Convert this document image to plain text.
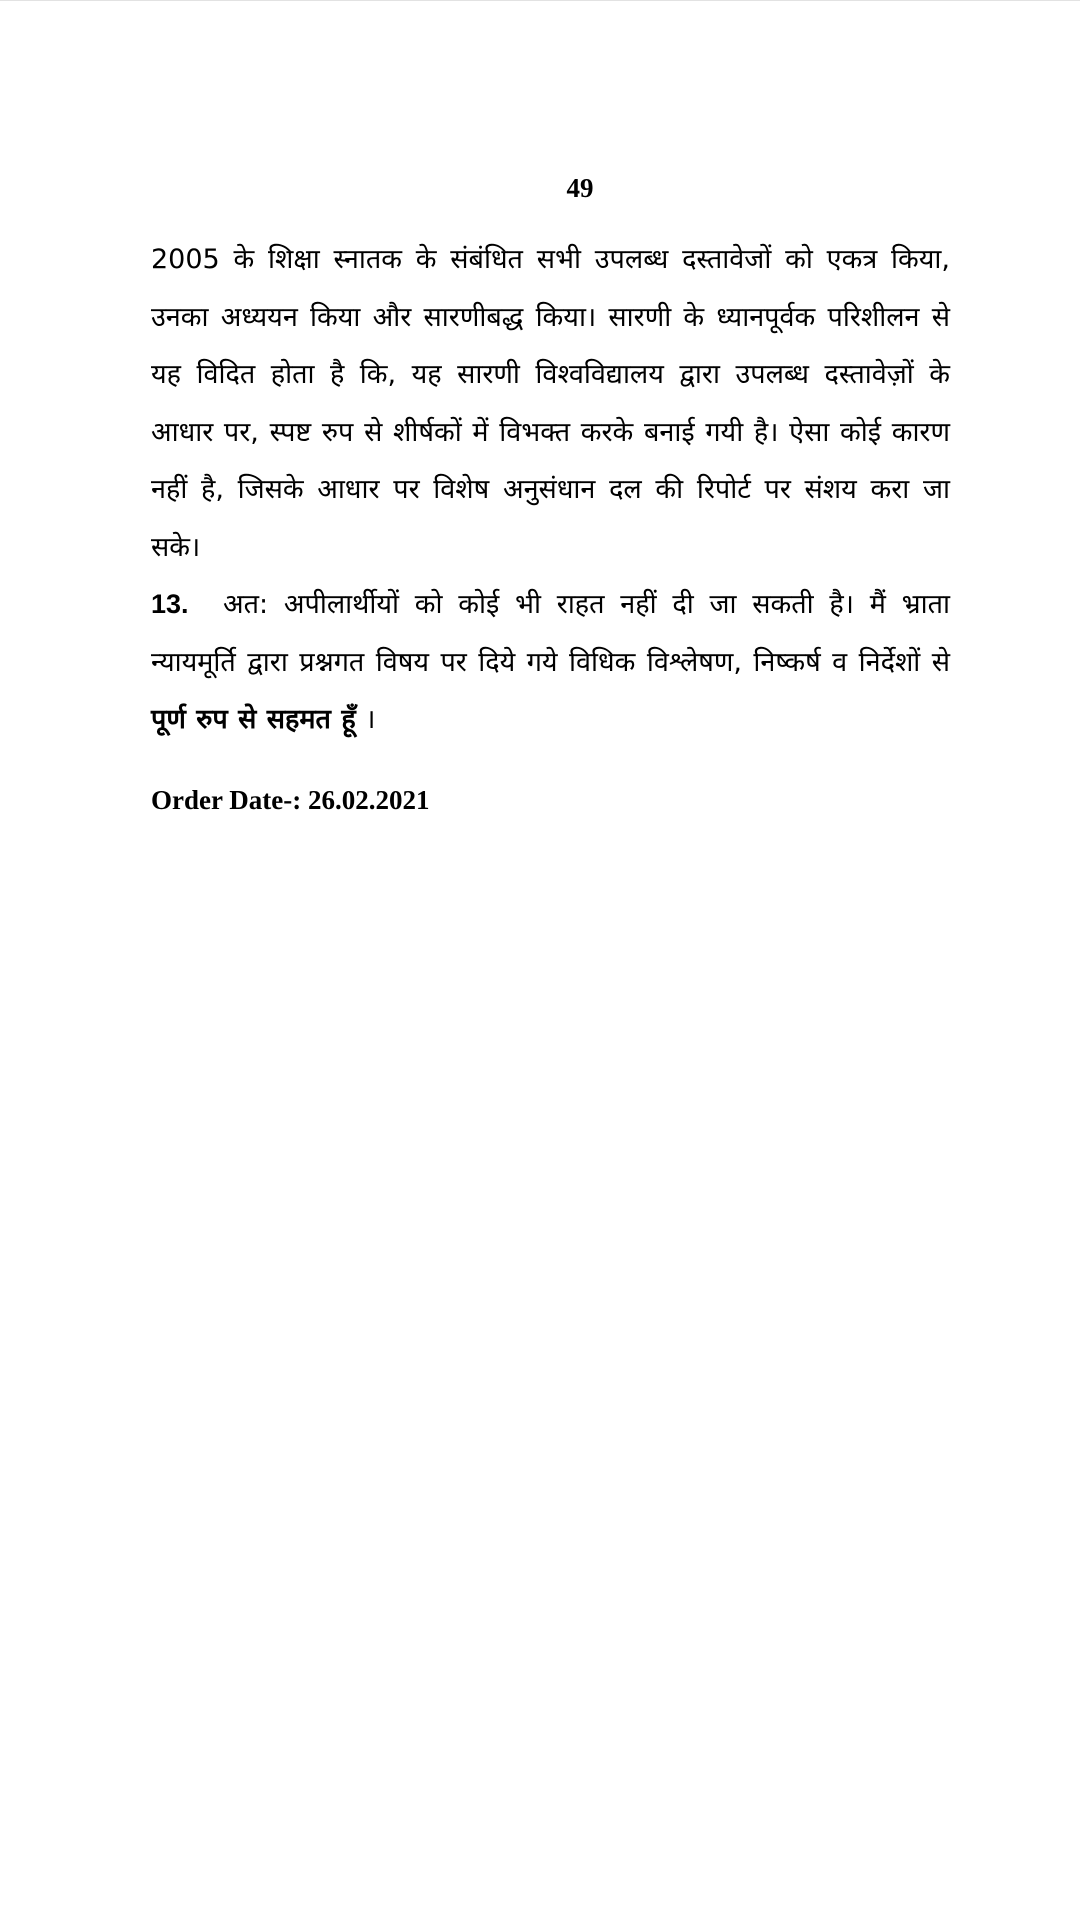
49

2005 के शिक्षा स्नातक के संबंधित सभी उपलब्ध दस्तावेजों को एकत्र किया, उनका अध्ययन किया और सारणीबद्ध किया। सारणी के ध्यानपूर्वक परिशीलन से यह विदित होता है कि, यह सारणी विश्वविद्यालय द्वारा उपलब्ध दस्तावेज़ों के आधार पर, स्पष्ट रुप से शीर्षकों में विभक्त करके बनाई गयी है। ऐसा कोई कारण नहीं है, जिसके आधार पर विशेष अनुसंधान दल की रिपोर्ट पर संशय करा जा सके।

13. अत: अपीलार्थीयों को कोई भी राहत नहीं दी जा सकती है। मैं भ्राता न्यायमूर्ति द्वारा प्रश्नगत विषय पर दिये गये विधिक विश्लेषण, निष्कर्ष व निर्देशों से पूर्ण रुप से सहमत हूँ ।

Order Date-: 26.02.2021
